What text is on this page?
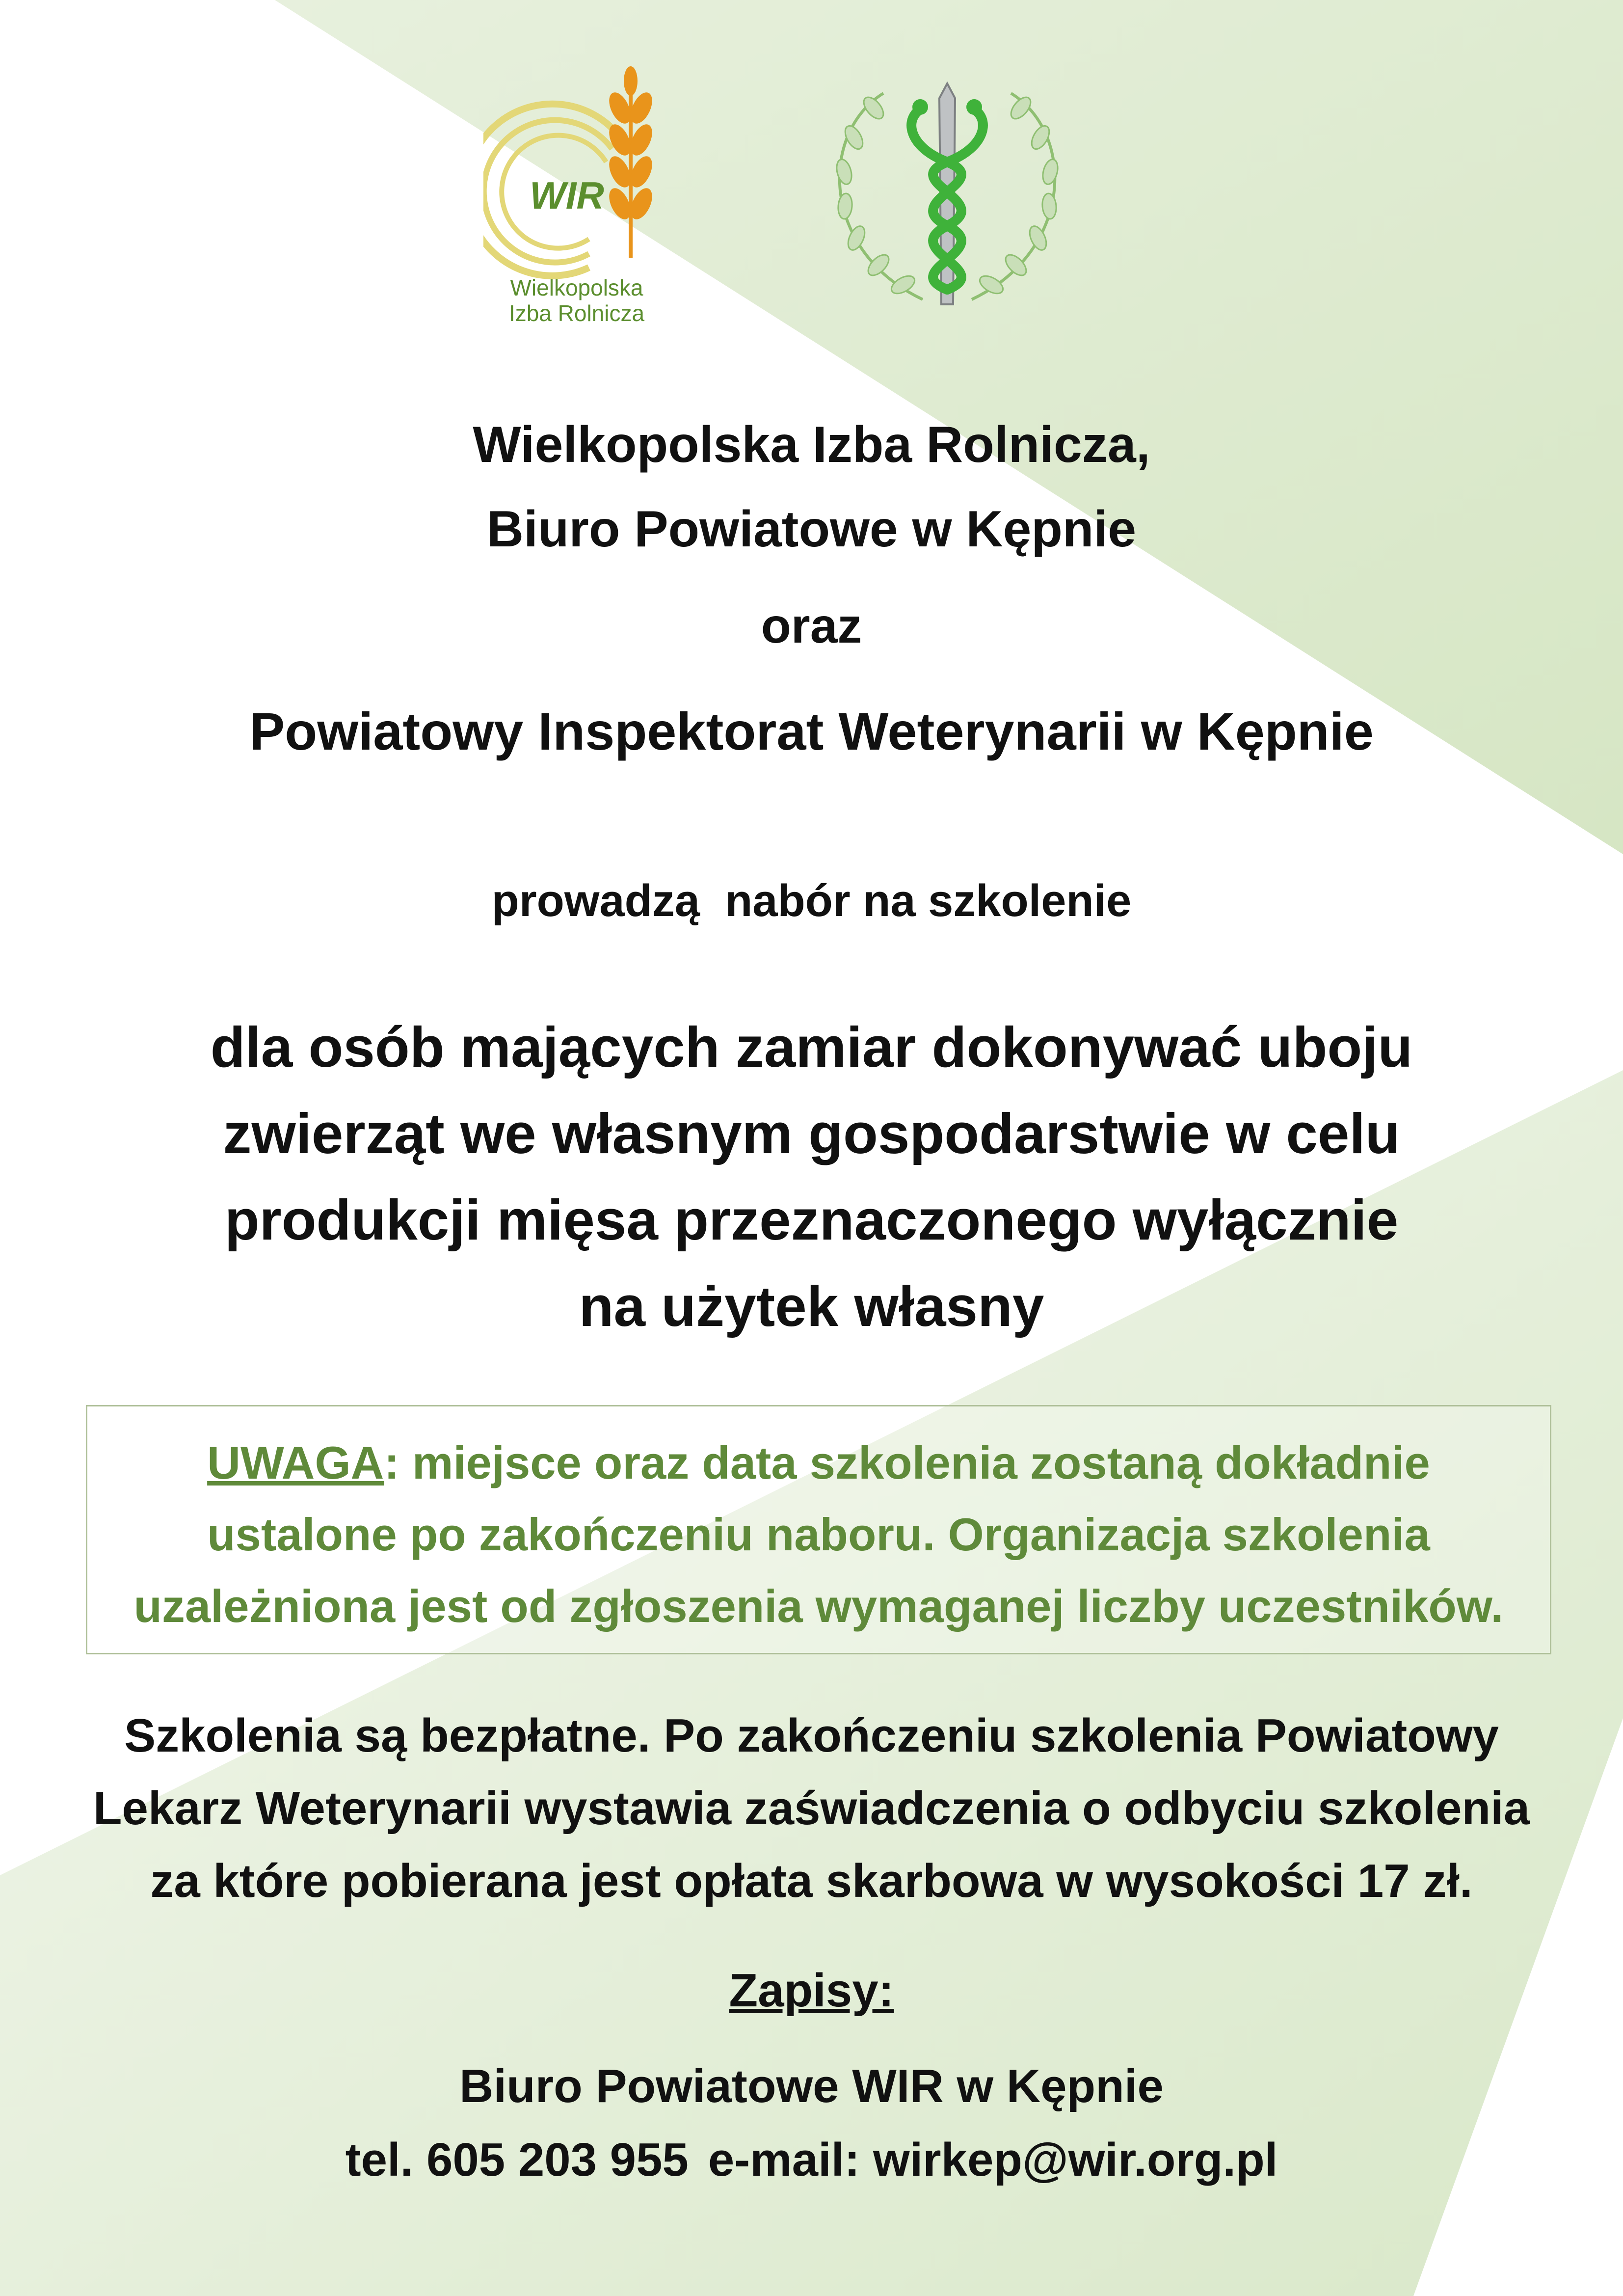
WIR
Wielkopolska
Izba Rolnicza
Wielkopolska Izba Rolnicza,
Biuro Powiatowe w Kępnie
oraz
Powiatowy Inspektorat Weterynarii w Kępnie
prowadzą  nabór na szkolenie
dla osób mających zamiar dokonywać uboju
zwierząt we własnym gospodarstwie w celu
produkcji mięsa przeznaczonego wyłącznie
na użytek własny
UWAGA: miejsce oraz data szkolenia zostaną dokładnie
ustalone po zakończeniu naboru. Organizacja szkolenia
uzależniona jest od zgłoszenia wymaganej liczby uczestników.
Szkolenia są bezpłatne. Po zakończeniu szkolenia Powiatowy
Lekarz Weterynarii wystawia zaświadczenia o odbyciu szkolenia
za które pobierana jest opłata skarbowa w wysokości 17 zł.
Zapisy:
Biuro Powiatowe WIR w Kępnie
tel. 605 203 955 e-mail: wirkep@wir.org.pl
